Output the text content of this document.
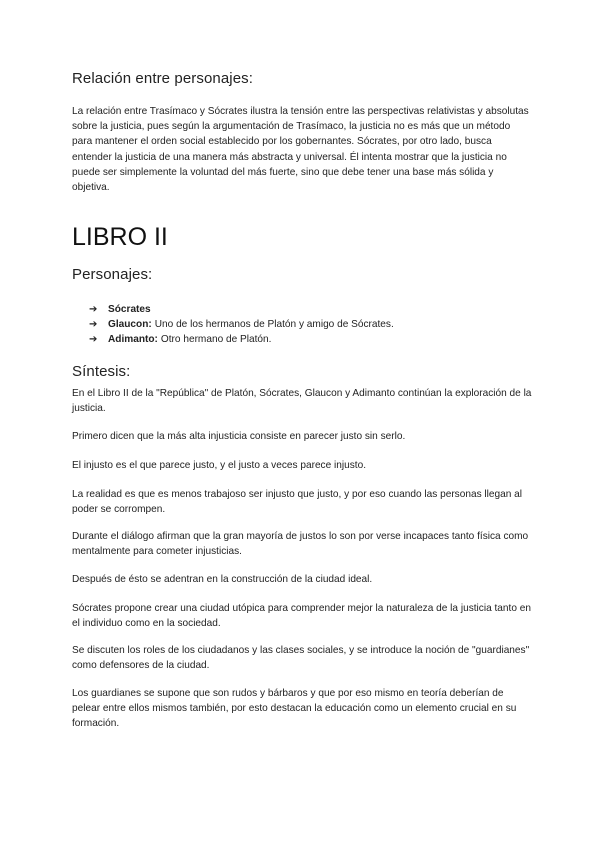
Relación entre personajes:

La relación entre Trasímaco y Sócrates ilustra la tensión entre las perspectivas relativistas y absolutas sobre la justicia, pues según la argumentación de Trasímaco, la justicia no es más que un método para mantener el orden social establecido por los gobernantes. Sócrates, por otro lado, busca entender la justicia de una manera más abstracta y universal. Él intenta mostrar que la justicia no puede ser simplemente la voluntad del más fuerte, sino que debe tener una base más sólida y objetiva.

LIBRO II
Personajes:
➔	Sócrates
➔	Glaucon: Uno de los hermanos de Platón y amigo de Sócrates.
➔	Adimanto: Otro hermano de Platón.
Síntesis:

En el Libro II de la "República" de Platón, Sócrates, Glaucon y Adimanto continúan la exploración de la justicia.

Primero dicen que la más alta injusticia consiste en parecer justo sin serlo.

El injusto es el que parece justo, y el justo a veces parece injusto.

La realidad es que es menos trabajoso ser injusto que justo, y por eso cuando las personas llegan al poder se corrompen.

Durante el diálogo afirman que la gran mayoría de justos lo son por verse incapaces tanto física como mentalmente para cometer injusticias.

Después de ésto se adentran en la construcción de la ciudad ideal.

Sócrates propone crear una ciudad utópica para comprender mejor la naturaleza de la justicia tanto en el individuo como en la sociedad.

Se discuten los roles de los ciudadanos y las clases sociales, y se introduce la noción de "guardianes" como defensores de la ciudad.

Los guardianes se supone que son rudos y bárbaros y que por eso mismo en teoría deberían de pelear entre ellos mismos también, por esto destacan la educación como un elemento crucial en su formación.
